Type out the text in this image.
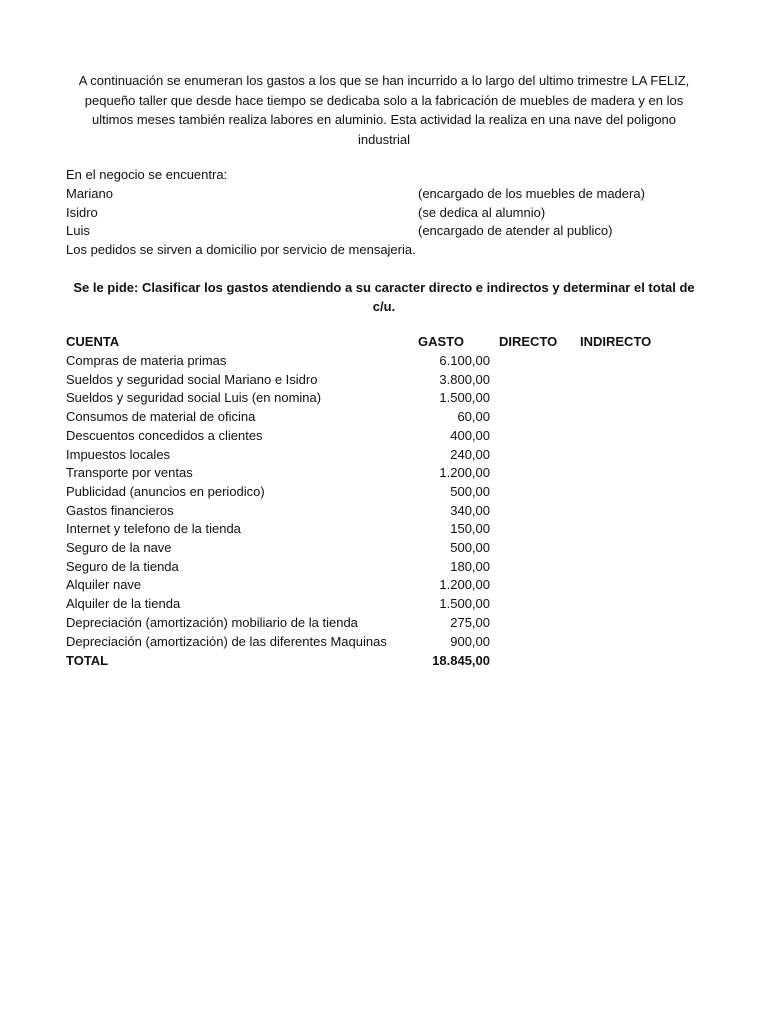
A continuación se enumeran los gastos a los que se han incurrido a lo largo del ultimo trimestre LA FELIZ, pequeño taller que desde hace tiempo se dedicaba solo a la fabricación de muebles de madera y en los ultimos meses también realiza labores en aluminio. Esta actividad la realiza en una nave del poligono industrial
En el negocio se encuentra:
Mariano	(encargado de los muebles de madera)
Isidro	(se dedica al alumnio)
Luis	(encargado de atender al publico)
Los pedidos se sirven a domicilio por servicio de mensajeria.
Se le pide: Clasificar los gastos atendiendo a su caracter directo e indirectos y determinar el total de c/u.
CUENTA	GASTO	DIRECTO INDIRECTO
Compras de materia primas	6.100,00
Sueldos y seguridad social Mariano e Isidro	3.800,00
Sueldos y seguridad social Luis (en nomina)	1.500,00
Consumos de material de oficina	60,00
Descuentos concedidos a clientes	400,00
Impuestos locales	240,00
Transporte por ventas	1.200,00
Publicidad (anuncios en periodico)	500,00
Gastos financieros	340,00
Internet y telefono de la tienda	150,00
Seguro de la nave	500,00
Seguro de la tienda	180,00
Alquiler nave	1.200,00
Alquiler de la tienda	1.500,00
Depreciación (amortización) mobiliario de la tienda	275,00
Depreciación (amortización) de las diferentes Maquinas	900,00
TOTAL	18.845,00
